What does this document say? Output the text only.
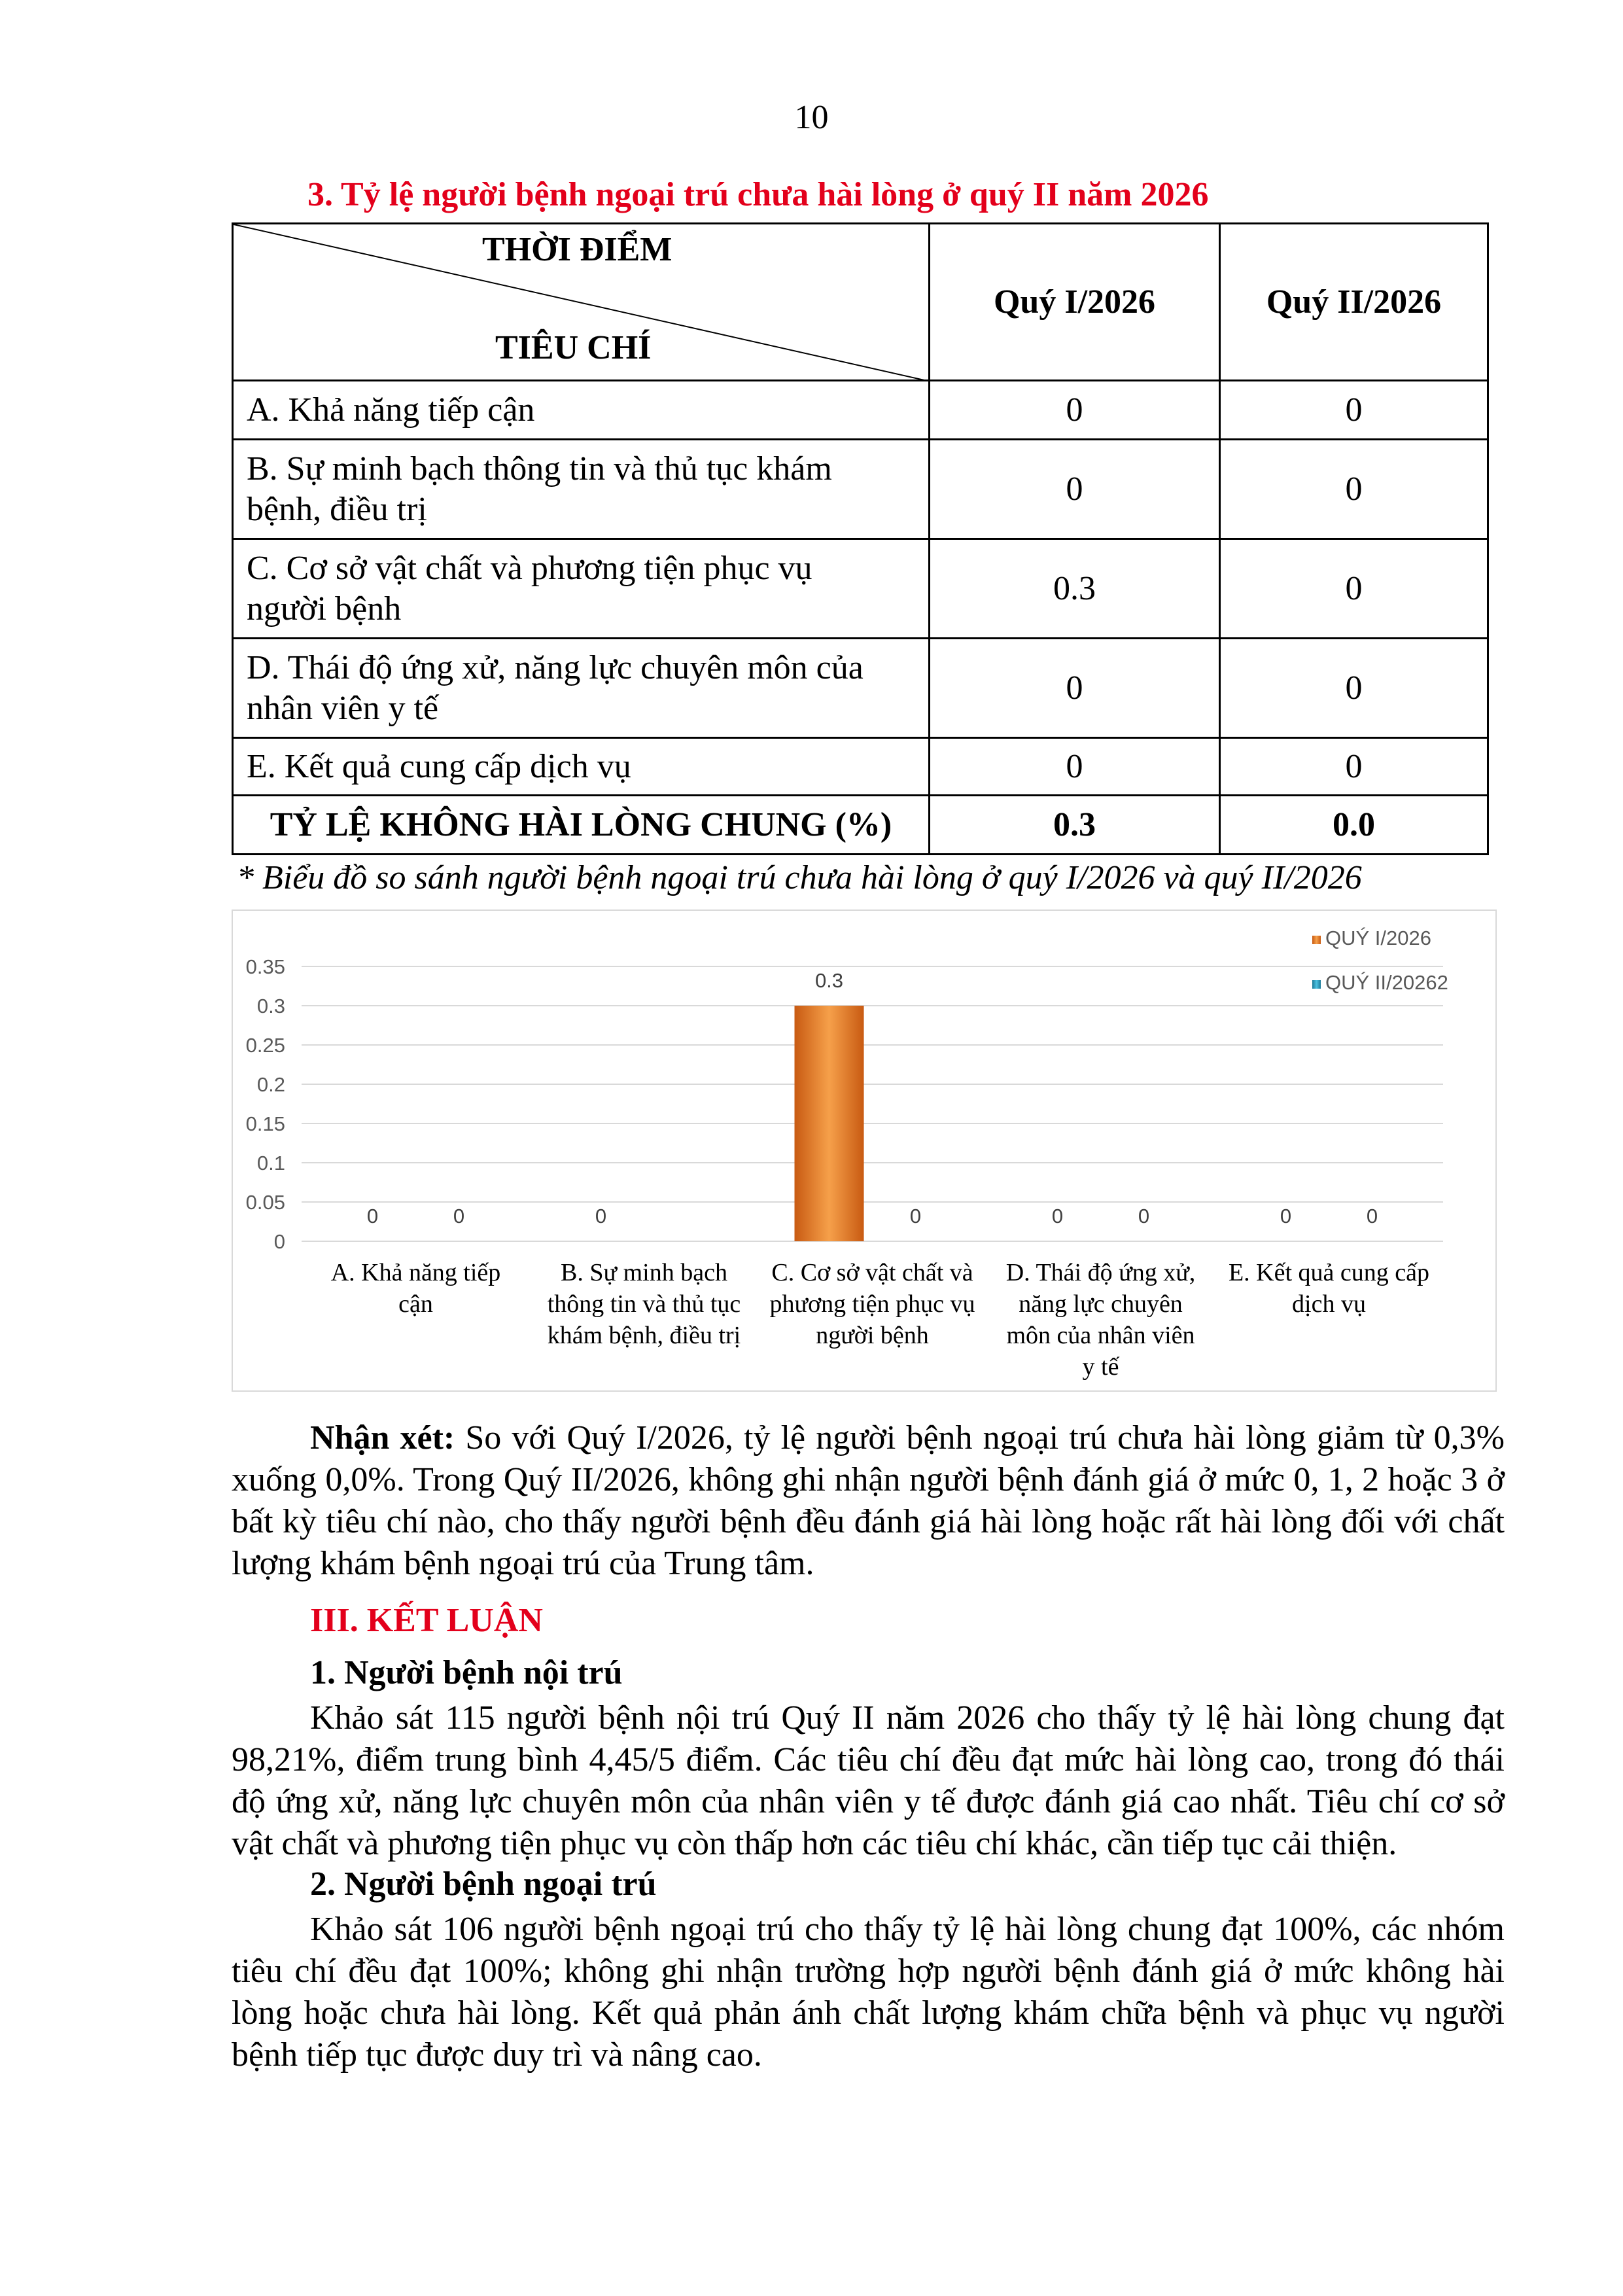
10
3. Tỷ lệ người bệnh ngoại trú chưa hài lòng ở quý II năm 2026
THỜI ĐIỂM
TIÊU CHÍ	Quý I/2026	Quý II/2026
A. Khả năng tiếp cận	0	0
B. Sự minh bạch thông tin và thủ tục khám
bệnh, điều trị	0	0
C. Cơ sở vật chất và phương tiện phục vụ
người bệnh	0.3	0
D. Thái độ ứng xử, năng lực chuyên môn của
nhân viên y tế	0	0
E. Kết quả cung cấp dịch vụ	0	0
TỶ LỆ KHÔNG HÀI LÒNG CHUNG (%)	0.3	0.0
* Biểu đồ so sánh người bệnh ngoại trú chưa hài lòng ở quý I/2026 và quý II/2026
0
0.05
0.1
0.15
0.2
0.25
0.3
0.35
0	0
0.3
0	0
0	0	0	0
A. Khả năng tiếp
cận
B. Sự minh bạch
thông tin và thủ tục
khám bệnh, điều trị
C. Cơ sở vật chất và
phương tiện phục vụ
người bệnh
D. Thái độ ứng xử,
năng lực chuyên
môn của nhân viên
y tế
E. Kết quả cung cấp
dịch vụ
QUÝ I/2026
QUÝ II/20262
Nhận xét: So với Quý I/2026, tỷ lệ người bệnh ngoại trú chưa hài lòng giảm từ 0,3% xuống 0,0%. Trong Quý II/2026, không ghi nhận người bệnh đánh giá ở mức 0, 1, 2 hoặc 3 ở bất kỳ tiêu chí nào, cho thấy người bệnh đều đánh giá hài lòng hoặc rất hài lòng đối với chất lượng khám bệnh ngoại trú của Trung tâm.
III. KẾT LUẬN
1. Người bệnh nội trú
Khảo sát 115 người bệnh nội trú Quý II năm 2026 cho thấy tỷ lệ hài lòng chung đạt 98,21%, điểm trung bình 4,45/5 điểm. Các tiêu chí đều đạt mức hài lòng cao, trong đó thái độ ứng xử, năng lực chuyên môn của nhân viên y tế được đánh giá cao nhất. Tiêu chí cơ sở vật chất và phương tiện phục vụ còn thấp hơn các tiêu chí khác, cần tiếp tục cải thiện.
2. Người bệnh ngoại trú
Khảo sát 106 người bệnh ngoại trú cho thấy tỷ lệ hài lòng chung đạt 100%, các nhóm tiêu chí đều đạt 100%; không ghi nhận trường hợp người bệnh đánh giá ở mức không hài lòng hoặc chưa hài lòng. Kết quả phản ánh chất lượng khám chữa bệnh và phục vụ người bệnh tiếp tục được duy trì và nâng cao.
